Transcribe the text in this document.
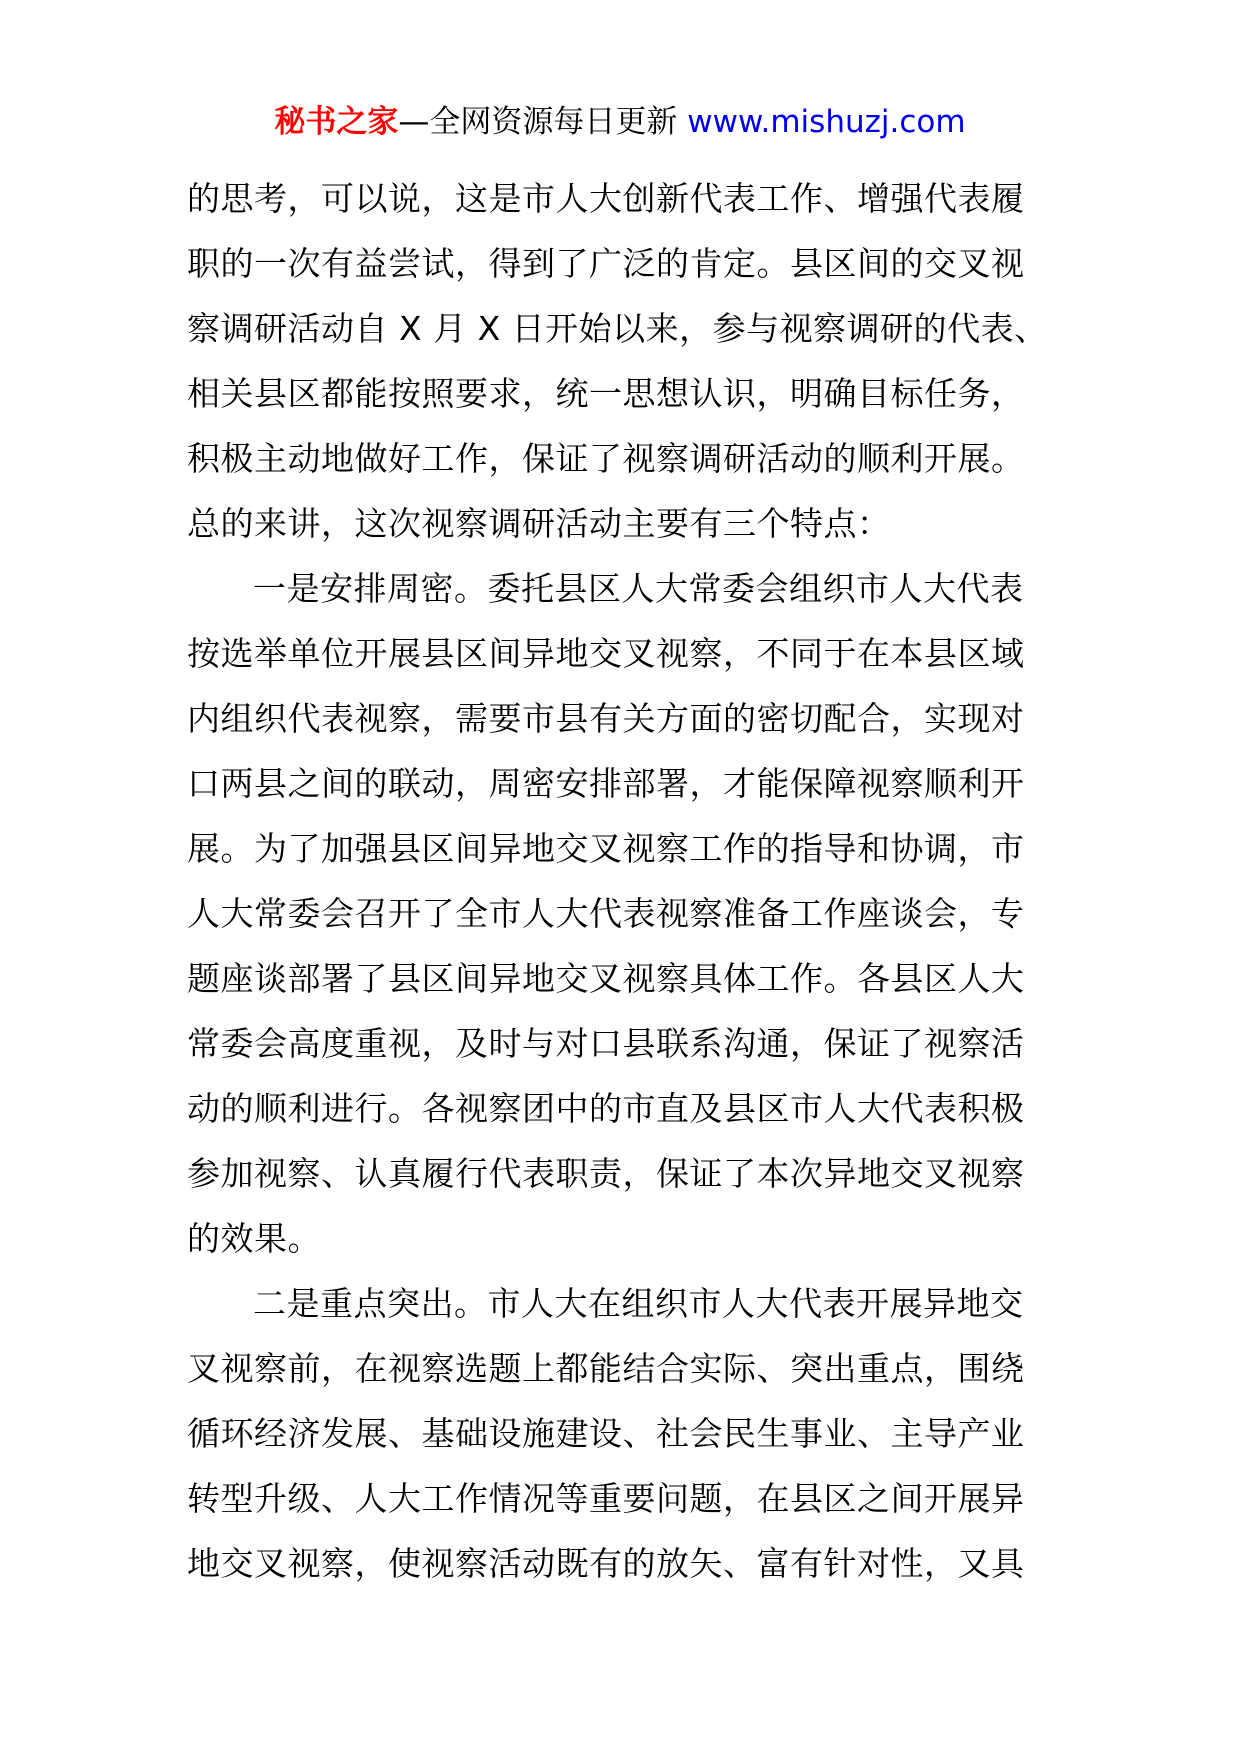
秘书之家—全网资源每日更新 www.mishuzj.com
的思考，可以说，这是市人大创新代表工作、增强代表履
职的一次有益尝试，得到了广泛的肯定。县区间的交叉视
察调研活动自 X 月 X 日开始以来，参与视察调研的代表、
相关县区都能按照要求，统一思想认识，明确目标任务，
积极主动地做好工作，保证了视察调研活动的顺利开展。
总的来讲，这次视察调研活动主要有三个特点：
一是安排周密。委托县区人大常委会组织市人大代表
按选举单位开展县区间异地交叉视察，不同于在本县区域
内组织代表视察，需要市县有关方面的密切配合，实现对
口两县之间的联动，周密安排部署，才能保障视察顺利开
展。为了加强县区间异地交叉视察工作的指导和协调，市
人大常委会召开了全市人大代表视察准备工作座谈会，专
题座谈部署了县区间异地交叉视察具体工作。各县区人大
常委会高度重视，及时与对口县联系沟通，保证了视察活
动的顺利进行。各视察团中的市直及县区市人大代表积极
参加视察、认真履行代表职责，保证了本次异地交叉视察
的效果。
二是重点突出。市人大在组织市人大代表开展异地交
叉视察前，在视察选题上都能结合实际、突出重点，围绕
循环经济发展、基础设施建设、社会民生事业、主导产业
转型升级、人大工作情况等重要问题，在县区之间开展异
地交叉视察，使视察活动既有的放矢、富有针对性，又具
